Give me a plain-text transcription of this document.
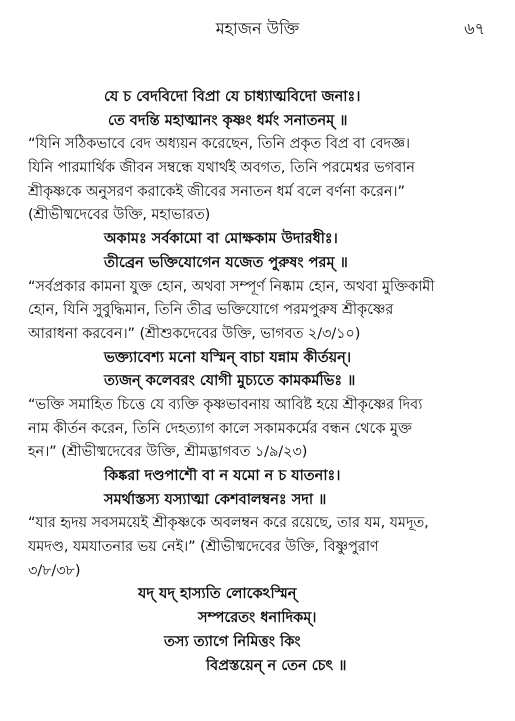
মহাজন উক্তি	৬৭
যে চ বেদবিদো বিপ্রা যে চাধ্যাত্মবিদো জনাঃ।
তে বদন্তি মহাত্মানং কৃষ্ণং ধর্মং সনাতনম্ ॥
“যিনি সঠিকভাবে বেদ অধ্যয়ন করেছেন, তিনি প্রকৃত বিপ্র বা বেদজ্ঞ।
যিনি পারমার্থিক জীবন সম্বন্ধে যথার্থই অবগত, তিনি পরমেশ্বর ভগবান
শ্রীকৃষ্ণকে অনুসরণ করাকেই জীবের সনাতন ধর্ম বলে বর্ণনা করেন।”
(শ্রীভীষ্মদেবের উক্তি, মহাভারত)
অকামঃ সর্বকামো বা মোক্ষকাম উদারধীঃ।
তীব্রেন ভক্তিযোগেন যজেত পুরুষং পরম্ ॥
“সর্বপ্রকার কামনা যুক্ত হোন, অথবা সম্পূর্ণ নিষ্কাম হোন, অথবা মুক্তিকামী
হোন, যিনি সুবুদ্ধিমান, তিনি তীব্র ভক্তিযোগে পরমপুরুষ শ্রীকৃষ্ণের
আরাধনা করবেন।” (শ্রীশুকদেবের উক্তি, ভাগবত ২/৩/১০)
ভক্ত্যাবেশ্য মনো যস্মিন্ বাচা যন্নাম কীর্তয়ন্।
ত্যজন্ কলেবরং যোগী মুচ্যতে কামকর্মভিঃ ॥
“ভক্তি সমাহিত চিত্তে যে ব্যক্তি কৃষ্ণভাবনায় আবিষ্ট হয়ে শ্রীকৃষ্ণের দিব্য
নাম কীর্তন করেন, তিনি দেহত্যাগ কালে সকামকর্মের বন্ধন থেকে মুক্ত
হন।” (শ্রীভীষ্মদেবের উক্তি, শ্রীমদ্ভাগবত ১/৯/২৩)
কিঙ্করা দণ্ডপাশৌ বা ন যমো ন চ যাতনাঃ।
সমর্থাস্তস্য যস্যাত্মা কেশবালম্বনঃ সদা ॥
“যার হৃদয় সবসময়েই শ্রীকৃষ্ণকে অবলম্বন করে রয়েছে, তার যম, যমদূত,
যমদণ্ড, যমযাতনার ভয় নেই।” (শ্রীভীষ্মদেবের উক্তি, বিষ্ণুপুরাণ
৩/৮/৩৮)
যদ্ যদ্ হাস্যতি লোকেঽস্মিন্
সম্পরেতং ধনাদিকম্।
তস্য ত্যাগে নিমিত্তং কিং
বিপ্রস্তয়েন্ ন তেন চেৎ ॥
